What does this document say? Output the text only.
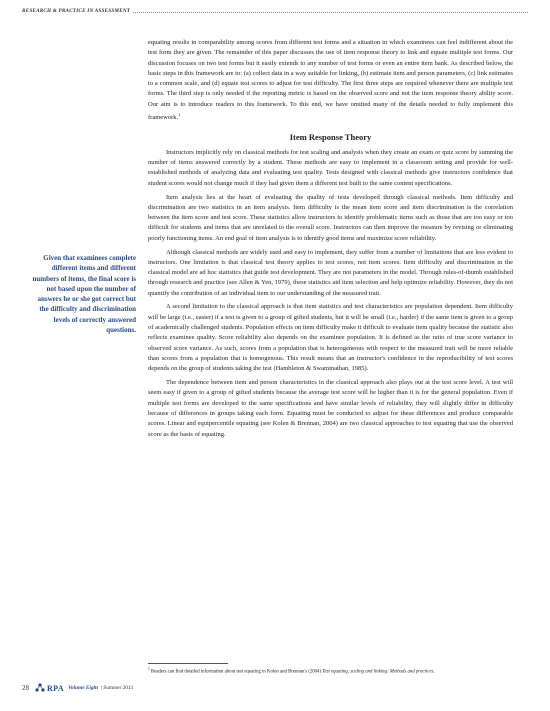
RESEARCH & PRACTICE IN ASSESSMENT
Given that examinees complete different items and different numbers of items, the final score is not based upon the number of answers he or she got correct but the difficulty and discrimination levels of correctly answered questions.

equating results in comparability among scores from different test forms and a situation in which examinees can feel indifferent about the test form they are given. The remainder of this paper discusses the use of item response theory to link and equate multiple test forms. Our discussion focuses on two test forms but it easily extends to any number of test forms or even an entire item bank. As described below, the basic steps in this framework are to: (a) collect data in a way suitable for linking, (b) estimate item and person parameters, (c) link estimates to a common scale, and (d) equate test scores to adjust for test difficulty. The first three steps are required whenever there are multiple test forms. The third step is only needed if the reporting metric is based on the observed score and not the item response theory ability score. Our aim is to introduce readers to this framework. To this end, we have omitted many of the details needed to fully implement this framework.$^1$

Item Response Theory

Instructors implicitly rely on classical methods for test scaling and analysis when they create an exam or quiz score by summing the number of items answered correctly by a student. These methods are easy to implement in a classroom setting and provide for well-established methods of analyzing data and evaluating test quality. Tests designed with classical methods give instructors confidence that student scores would not change much if they had given them a different test built to the same content specifications.

Item analysis lies at the heart of evaluating the quality of tests developed through classical methods. Item difficulty and discrimination are two statistics in an item analysis. Item difficulty is the mean item score and item discrimination is the correlation between the item score and test score. These statistics allow instructors to identify problematic items such as those that are too easy or too difficult for students and items that are unrelated to the overall score. Instructors can then improve the measure by revising or eliminating poorly functioning items. An end goal of item analysis is to identify good items and maximize score reliability.

Although classical methods are widely used and easy to implement, they suffer from a number of limitations that are less evident to instructors. One limitation is that classical test theory applies to test scores, not item scores. Item difficulty and discrimination in the classical model are ad hoc statistics that guide test development. They are not parameters in the model. Through rules-of-thumb established through research and practice (see Allen & Yen, 1979), these statistics aid item selection and help optimize reliability. However, they do not quantify the contribution of an individual item to our understanding of the measured trait.

A second limitation to the classical approach is that item statistics and test characteristics are population dependent. Item difficulty will be large (i.e., easier) if a test is given to a group of gifted students, but it will be small (i.e., harder) if the same item is given to a group of academically challenged students. Population effects on item difficulty make it difficult to evaluate item quality because the statistic also reflects examinee quality. Score reliability also depends on the examinee population. It is defined as the ratio of true score variance to observed score variance. As such, scores from a population that is heterogeneous with respect to the measured trait will be more reliable than scores from a population that is homogenous. This result means that an instructor's confidence in the reproducibility of test scores depends on the group of students taking the test (Hambleton & Swaminathan, 1985).

The dependence between item and person characteristics in the classical approach also plays out at the test score level. A test will seem easy if given to a group of gifted students because the average test score will be higher than it is for the general population. Even if multiple test forms are developed to the same specifications and have similar levels of reliability, they will slightly differ in difficulty because of differences in groups taking each form. Equating must be conducted to adjust for these differences and produce comparable scores. Linear and equipercentile equating (see Kolen & Brennan, 2004) are two classical approaches to test equating that use the observed score as the basis of equating.

$^1$ Readers can find detailed information about test equating in Kolen and Brennan's (2004) Test equating, scaling and linking: Methods and practices.
28 RPA Volume Eight | Summer 2013
